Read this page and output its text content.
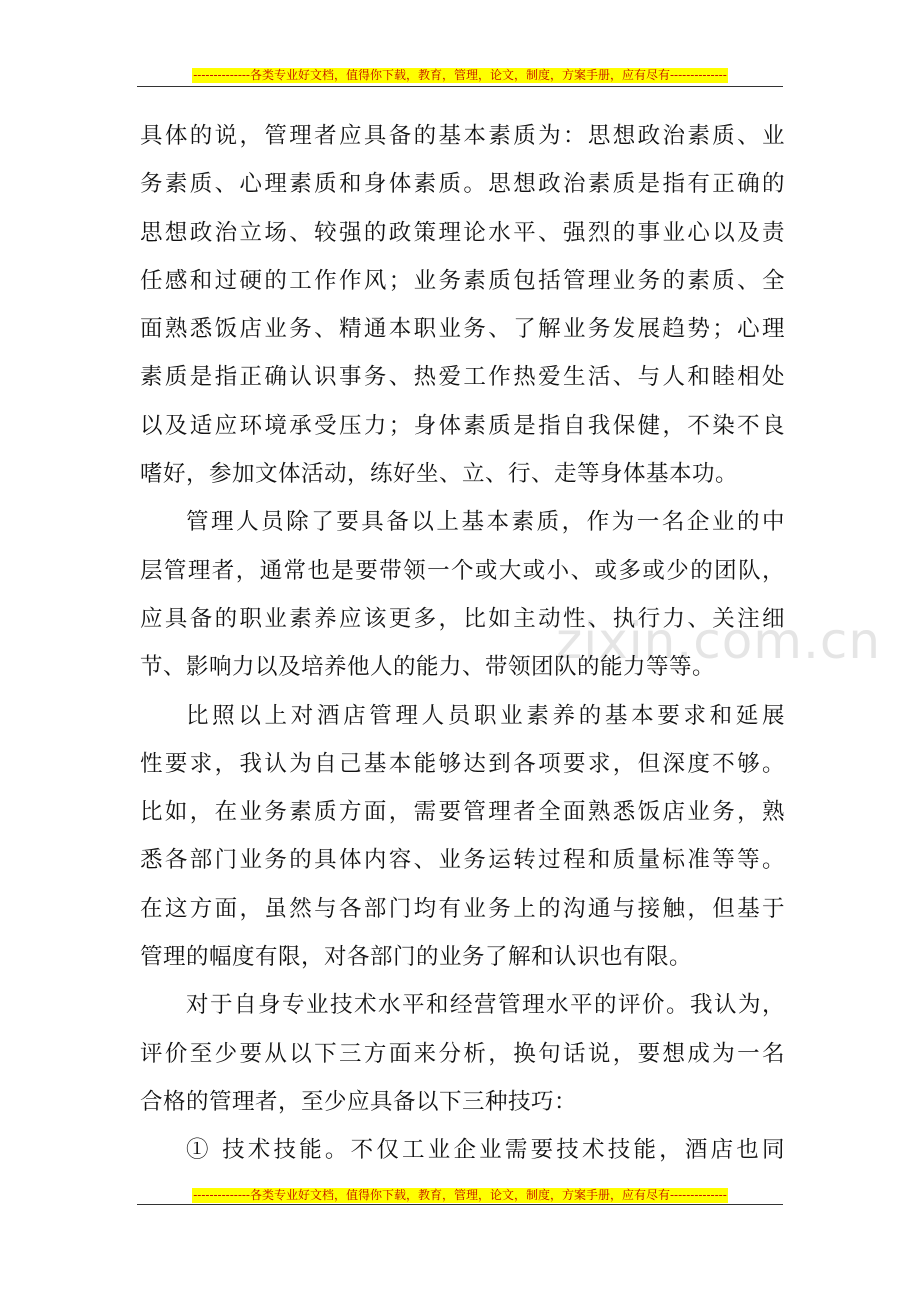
--------------各类专业好文档，值得你下载，教育，管理，论文，制度，方案手册，应有尽有--------------
zixin.com.cn
具体的说，管理者应具备的基本素质为：思想政治素质、业
务素质、心理素质和身体素质。思想政治素质是指有正确的
思想政治立场、较强的政策理论水平、强烈的事业心以及责
任感和过硬的工作作风；业务素质包括管理业务的素质、全
面熟悉饭店业务、精通本职业务、了解业务发展趋势；心理
素质是指正确认识事务、热爱工作热爱生活、与人和睦相处
以及适应环境承受压力；身体素质是指自我保健，不染不良
嗜好，参加文体活动，练好坐、立、行、走等身体基本功。
管理人员除了要具备以上基本素质，作为一名企业的中
层管理者，通常也是要带领一个或大或小、或多或少的团队，
应具备的职业素养应该更多，比如主动性、执行力、关注细
节、影响力以及培养他人的能力、带领团队的能力等等。
比照以上对酒店管理人员职业素养的基本要求和延展
性要求，我认为自己基本能够达到各项要求，但深度不够。
比如，在业务素质方面，需要管理者全面熟悉饭店业务，熟
悉各部门业务的具体内容、业务运转过程和质量标准等等。
在这方面，虽然与各部门均有业务上的沟通与接触，但基于
管理的幅度有限，对各部门的业务了解和认识也有限。
对于自身专业技术水平和经营管理水平的评价。我认为，
评价至少要从以下三方面来分析，换句话说，要想成为一名
合格的管理者，至少应具备以下三种技巧：
① 技术技能。不仅工业企业需要技术技能，酒店也同
--------------各类专业好文档，值得你下载，教育，管理，论文，制度，方案手册，应有尽有--------------
